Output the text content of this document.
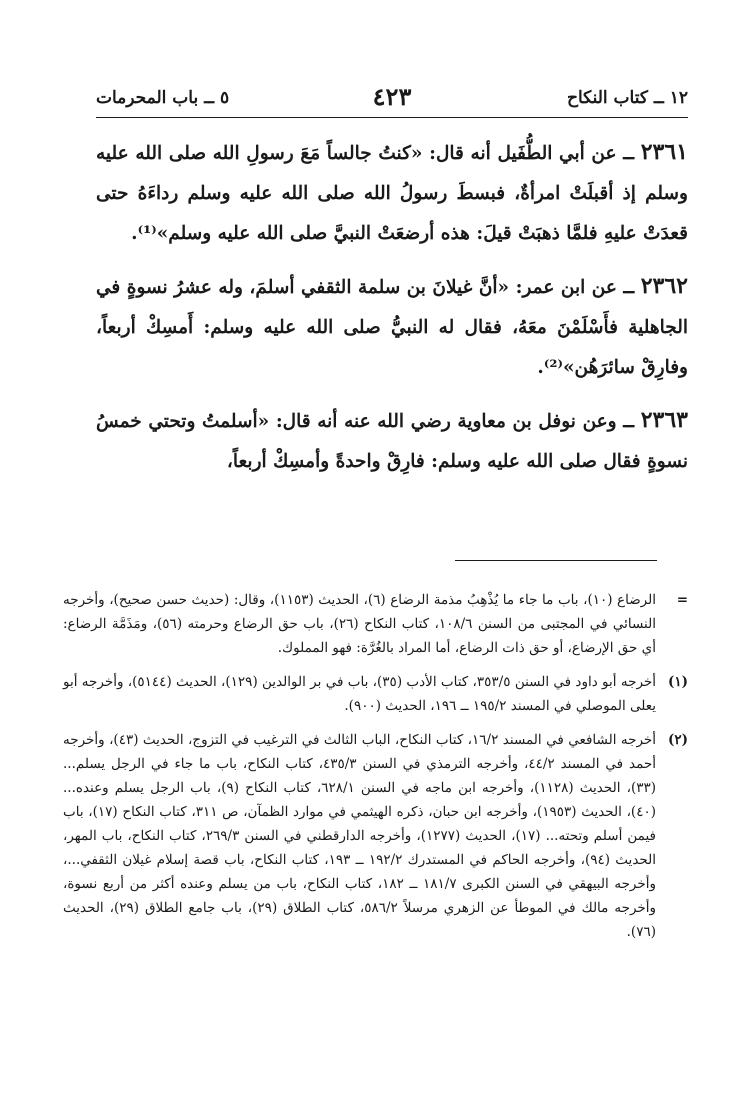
١٢ ــ كتاب النكاح
٤٢٣
٥ ــ باب المحرمات

٢٣٦١ ــ عن أبي الطُّفَيل أنه قال: «كنتُ جالساً مَعَ رسولِ الله صلى الله عليه وسلم إذ أقبلَتْ امرأةٌ، فبسطَ رسولُ الله صلى الله عليه وسلم رداءَهُ حتى قعدَتْ عليهِ فلمَّا ذهبَتْ قيلَ: هذه أرضعَتْ النبيَّ صلى الله عليه وسلم»⁽¹⁾.

٢٣٦٢ ــ عن ابن عمر: «أنَّ غيلانَ بن سلمة الثقفي أسلمَ، وله عشرُ نسوةٍ في الجاهلية فأَسْلَمْنَ معَهُ، فقال له النبيُّ صلى الله عليه وسلم: أَمسِكْ أربعاً، وفارِقْ سائرَهُن»⁽²⁾.

٢٣٦٣ ــ وعن نوفل بن معاوية رضي الله عنه أنه قال: «أسلمتُ وتحتي خمسُ نسوةٍ فقال صلى الله عليه وسلم: فارِقْ واحدةً وأمسِكْ أربعاً،

=
الرضاع (١٠)، باب ما جاء ما يُذْهِبُ مذمة الرضاع (٦)، الحديث (١١٥٣)، وقال: (حديث حسن صحيح)، وأخرجه النسائي في المجتبى من السنن ١٠٨/٦، كتاب النكاح (٢٦)، باب حق الرضاع وحرمته (٥٦)، ومَذَمَّة الرضاع: أي حق الإرضاع، أو حق ذات الرضاع، أما المراد بالغُرَّة: فهو المملوك.

(١)
أخرجه أبو داود في السنن ٣٥٣/٥، كتاب الأدب (٣٥)، باب في بر الوالدين (١٢٩)، الحديث (٥١٤٤)، وأخرجه أبو يعلى الموصلي في المسند ١٩٥/٢ ــ ١٩٦، الحديث (٩٠٠).

(٢)
أخرجه الشافعي في المسند ١٦/٢، كتاب النكاح، الباب الثالث في الترغيب في التزوج، الحديث (٤٣)، وأخرجه أحمد في المسند ٤٤/٢، وأخرجه الترمذي في السنن ٤٣٥/٣، كتاب النكاح، باب ما جاء في الرجل يسلم... (٣٣)، الحديث (١١٢٨)، وأخرجه ابن ماجه في السنن ٦٢٨/١، كتاب النكاح (٩)، باب الرجل يسلم وعنده... (٤٠)، الحديث (١٩٥٣)، وأخرجه ابن حبان، ذكره الهيثمي في موارد الظمآن، ص ٣١١، كتاب النكاح (١٧)، باب فيمن أسلم وتحته... (١٧)، الحديث (١٢٧٧)، وأخرجه الدارقطني في السنن ٢٦٩/٣، كتاب النكاح، باب المهر، الحديث (٩٤)، وأخرجه الحاكم في المستدرك ١٩٢/٢ ــ ١٩٣، كتاب النكاح، باب قصة إسلام غيلان الثقفي...، وأخرجه البيهقي في السنن الكبرى ١٨١/٧ ــ ١٨٢، كتاب النكاح، باب من يسلم وعنده أكثر من أربع نسوة، وأخرجه مالك في الموطأ عن الزهري مرسلاً ٥٨٦/٢، كتاب الطلاق (٢٩)، باب جامع الطلاق (٢٩)، الحديث (٧٦).
